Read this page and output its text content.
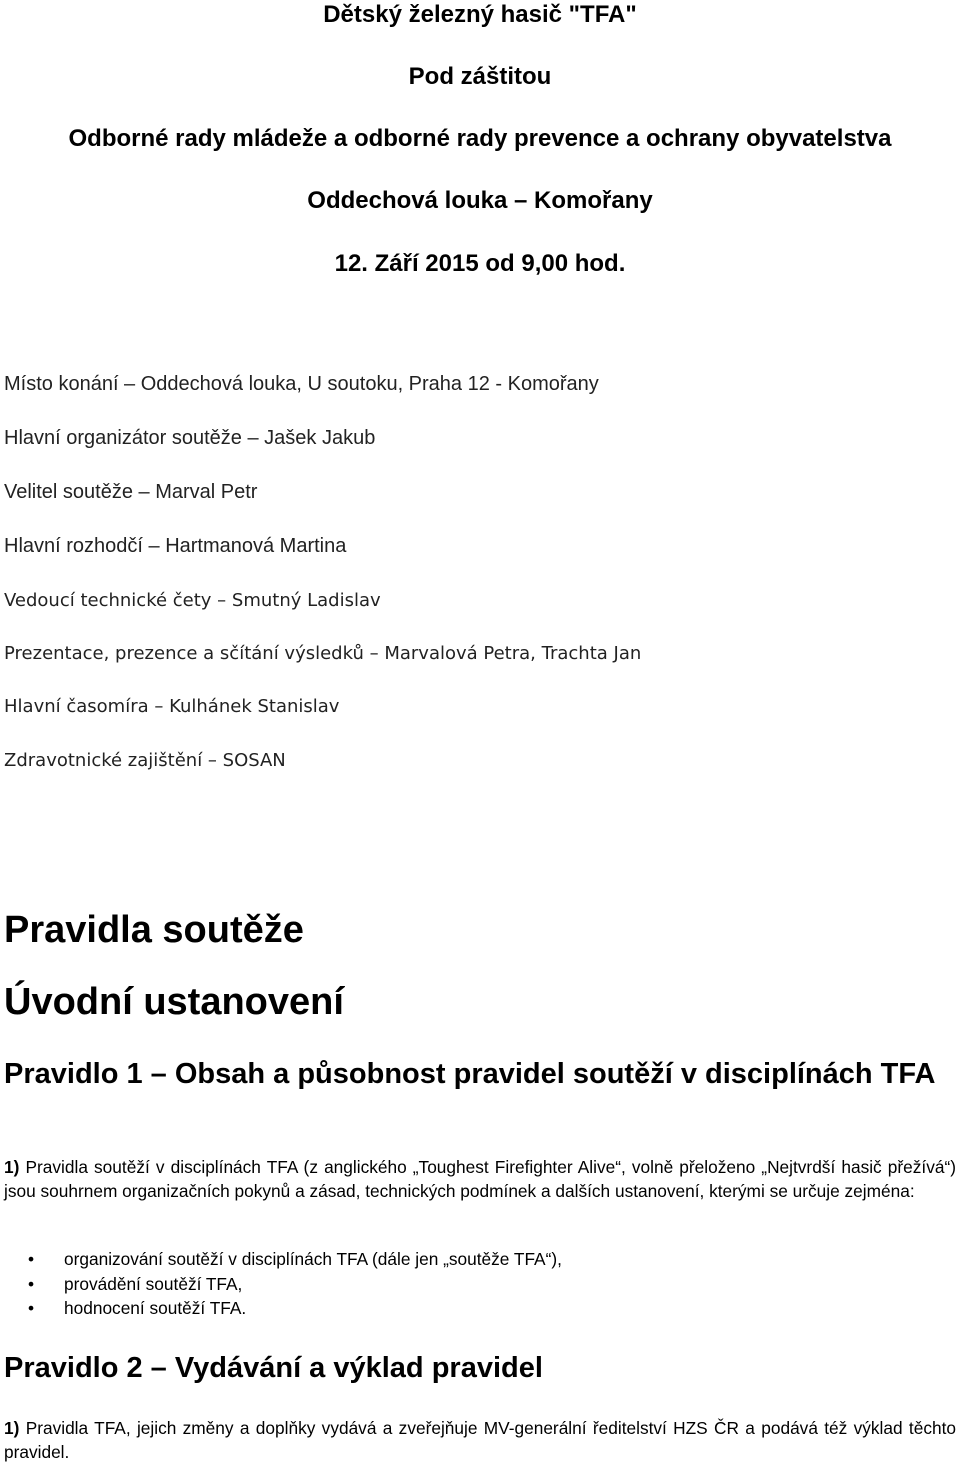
Dětský železný hasič "TFA"
Pod záštitou
Odborné rady mládeže a odborné rady prevence a ochrany obyvatelstva
Oddechová louka – Komořany
12. Září 2015 od 9,00 hod.
Místo konání – Oddechová louka, U soutoku, Praha 12 - Komořany
Hlavní organizátor soutěže – Jašek Jakub
Velitel soutěže – Marval Petr
Hlavní rozhodčí – Hartmanová Martina
Vedoucí technické čety – Smutný Ladislav
Prezentace, prezence a sčítání výsledků – Marvalová Petra, Trachta Jan
Hlavní časomíra – Kulhánek Stanislav
Zdravotnické zajištění – SOSAN
Pravidla soutěže
Úvodní ustanovení
Pravidlo 1 – Obsah a působnost pravidel soutěží v disciplínách TFA
1) Pravidla soutěží v disciplínách TFA (z anglického „Toughest Firefighter Alive“, volně přeloženo „Nejtvrdší hasič přežívá“) jsou souhrnem organizačních pokynů a zásad, technických podmínek a dalších ustanovení, kterými se určuje zejména:
• organizování soutěží v disciplínách TFA (dále jen „soutěže TFA“),
• provádění soutěží TFA,
• hodnocení soutěží TFA.
Pravidlo 2 – Vydávání a výklad pravidel
1) Pravidla TFA, jejich změny a doplňky vydává a zveřejňuje MV-generální ředitelství HZS ČR a podává též výklad těchto pravidel.
